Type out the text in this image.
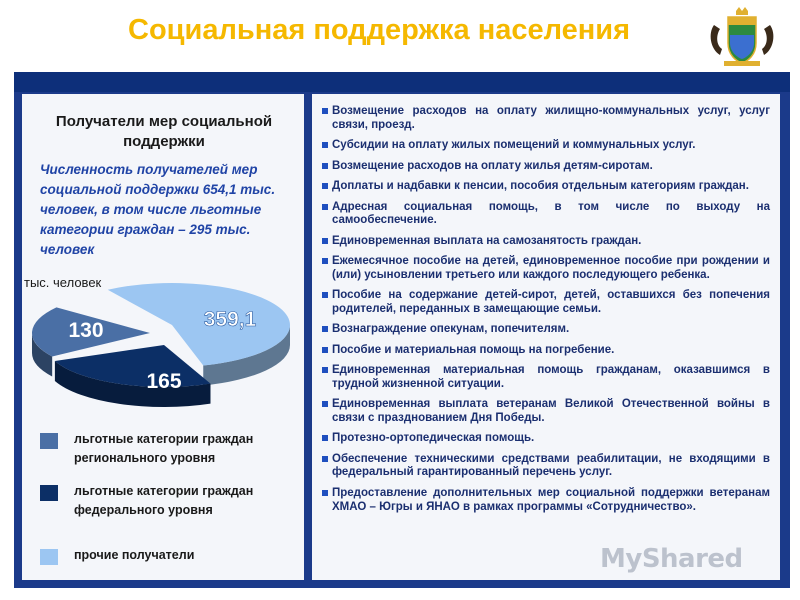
Социальная поддержка населения
Получатели мер социальной поддержки
Численность получателей мер социальной поддержки 654,1 тыс. человек, в том числе льготные категории граждан – 295 тыс. человек
тыс. человек
130
165
359,1
льготные категории граждан регионального уровня
льготные категории граждан федерального уровня
прочие получатели
Возмещение расходов на оплату жилищно-коммунальных услуг, услуг связи, проезд.
Субсидии на оплату жилых помещений и коммунальных услуг.
Возмещение расходов на оплату жилья детям-сиротам.
Доплаты и надбавки к пенсии, пособия отдельным категориям граждан.
Адресная социальная помощь, в том числе по выходу на самообеспечение.
Единовременная выплата на самозанятость граждан.
Ежемесячное пособие на детей, единовременное пособие при рождении и (или) усыновлении третьего или каждого последующего ребенка.
Пособие на содержание детей-сирот, детей, оставшихся без попечения родителей, переданных в замещающие семьи.
Вознаграждение опекунам, попечителям.
Пособие и материальная помощь на погребение.
Единовременная материальная помощь гражданам, оказавшимся в трудной жизненной ситуации.
Единовременная выплата ветеранам Великой Отечественной войны в связи с празднованием Дня Победы.
Протезно-ортопедическая помощь.
Обеспечение техническими средствами реабилитации, не входящими в федеральный гарантированный перечень услуг.
Предоставление дополнительных мер социальной поддержки ветеранам ХМАО – Югры и ЯНАО в рамках программы «Сотрудничество».
MyShared
